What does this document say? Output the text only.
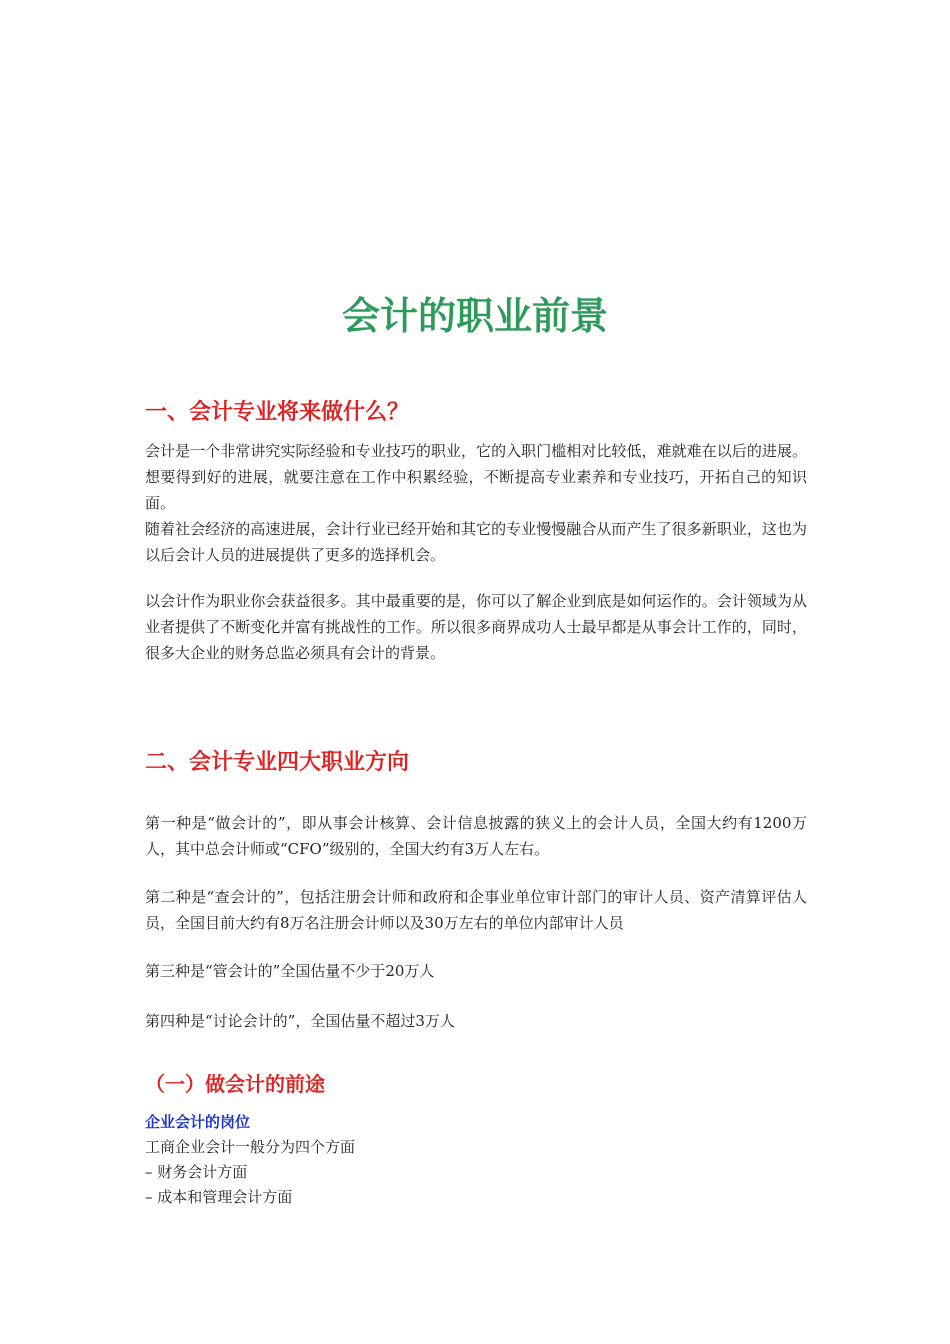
会计的职业前景
一、会计专业将来做什么？

会计是一个非常讲究实际经验和专业技巧的职业，它的入职门槛相对比较低，难就难在以后的进展。想要得到好的进展，就要注意在工作中积累经验，不断提高专业素养和专业技巧，开拓自己的知识面。

随着社会经济的高速进展，会计行业已经开始和其它的专业慢慢融合从而产生了很多新职业，这也为以后会计人员的进展提供了更多的选择机会。

以会计作为职业你会获益很多。其中最重要的是，你可以了解企业到底是如何运作的。会计领域为从业者提供了不断变化并富有挑战性的工作。所以很多商界成功人士最早都是从事会计工作的，同时，很多大企业的财务总监必须具有会计的背景。

二、会计专业四大职业方向

第一种是“做会计的”，即从事会计核算、会计信息披露的狭义上的会计人员，全国大约有1200万人，其中总会计师或“CFO”级别的，全国大约有3万人左右。

第二种是“查会计的”，包括注册会计师和政府和企事业单位审计部门的审计人员、资产清算评估人员，全国目前大约有8万名注册会计师以及30万左右的单位内部审计人员

第三种是“管会计的”全国估量不少于20万人

第四种是“讨论会计的”，全国估量不超过3万人

（一）做会计的前途
企业会计的岗位

工商企业会计一般分为四个方面

– 财务会计方面

– 成本和管理会计方面
